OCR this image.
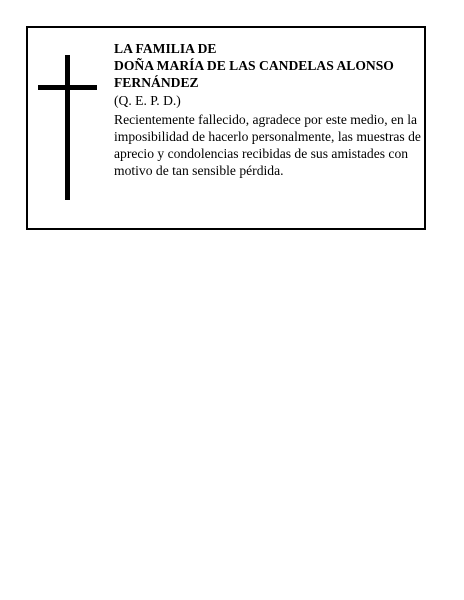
LA FAMILIA DE
DOÑA MARÍA DE LAS CANDELAS ALONSO
FERNÁNDEZ
(Q. E. P. D.)
Recientemente fallecido, agradece por este medio, en la imposibilidad de hacerlo personalmente, las muestras de aprecio y condolencias recibidas de sus amistades con motivo de tan sensible pérdida.
